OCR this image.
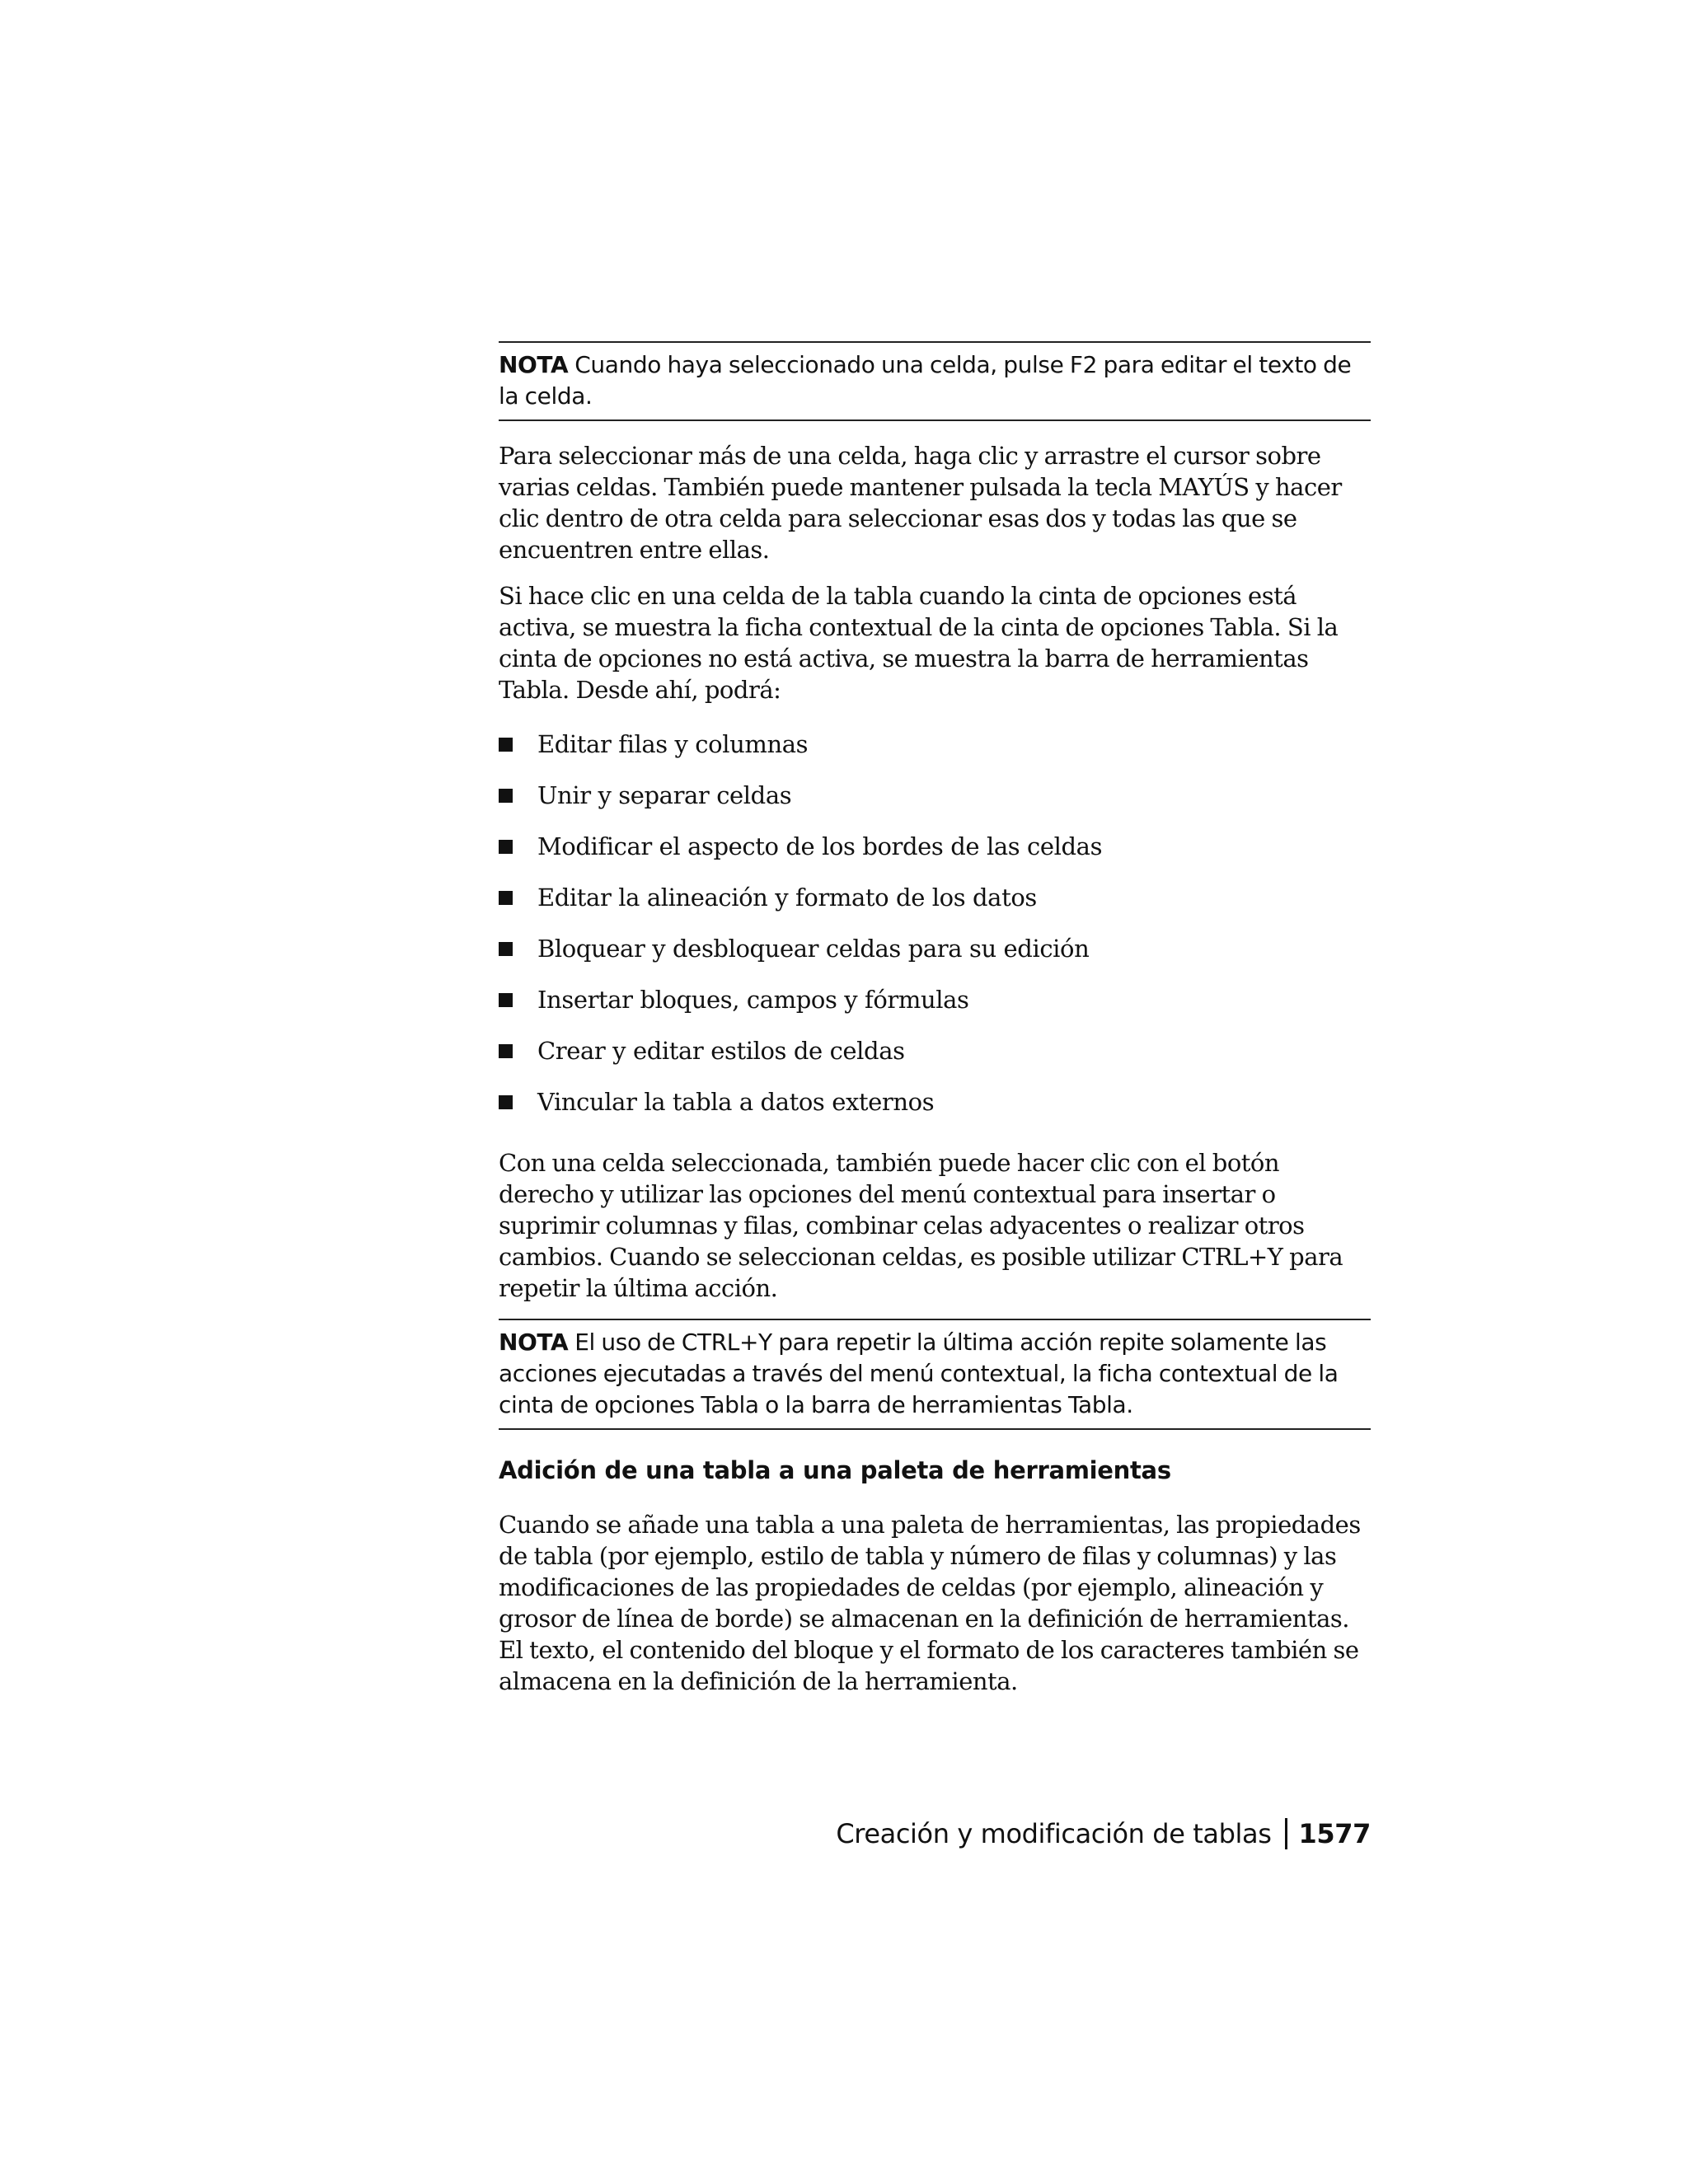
NOTA Cuando haya seleccionado una celda, pulse F2 para editar el texto de la celda.

Para seleccionar más de una celda, haga clic y arrastre el cursor sobre varias celdas. También puede mantener pulsada la tecla MAYÚS y hacer clic dentro de otra celda para seleccionar esas dos y todas las que se encuentren entre ellas.

Si hace clic en una celda de la tabla cuando la cinta de opciones está activa, se muestra la ficha contextual de la cinta de opciones Tabla. Si la cinta de opciones no está activa, se muestra la barra de herramientas Tabla. Desde ahí, podrá:

Editar filas y columnas
Unir y separar celdas
Modificar el aspecto de los bordes de las celdas
Editar la alineación y formato de los datos
Bloquear y desbloquear celdas para su edición
Insertar bloques, campos y fórmulas
Crear y editar estilos de celdas
Vincular la tabla a datos externos

Con una celda seleccionada, también puede hacer clic con el botón derecho y utilizar las opciones del menú contextual para insertar o suprimir columnas y filas, combinar celas adyacentes o realizar otros cambios. Cuando se seleccionan celdas, es posible utilizar CTRL+Y para repetir la última acción.

NOTA El uso de CTRL+Y para repetir la última acción repite solamente las acciones ejecutadas a través del menú contextual, la ficha contextual de la cinta de opciones Tabla o la barra de herramientas Tabla.
Adición de una tabla a una paleta de herramientas

Cuando se añade una tabla a una paleta de herramientas, las propiedades de tabla (por ejemplo, estilo de tabla y número de filas y columnas) y las modificaciones de las propiedades de celdas (por ejemplo, alineación y grosor de línea de borde) se almacenan en la definición de herramientas. El texto, el contenido del bloque y el formato de los caracteres también se almacena en la definición de la herramienta.

Creación y modificación de tablas 1577
